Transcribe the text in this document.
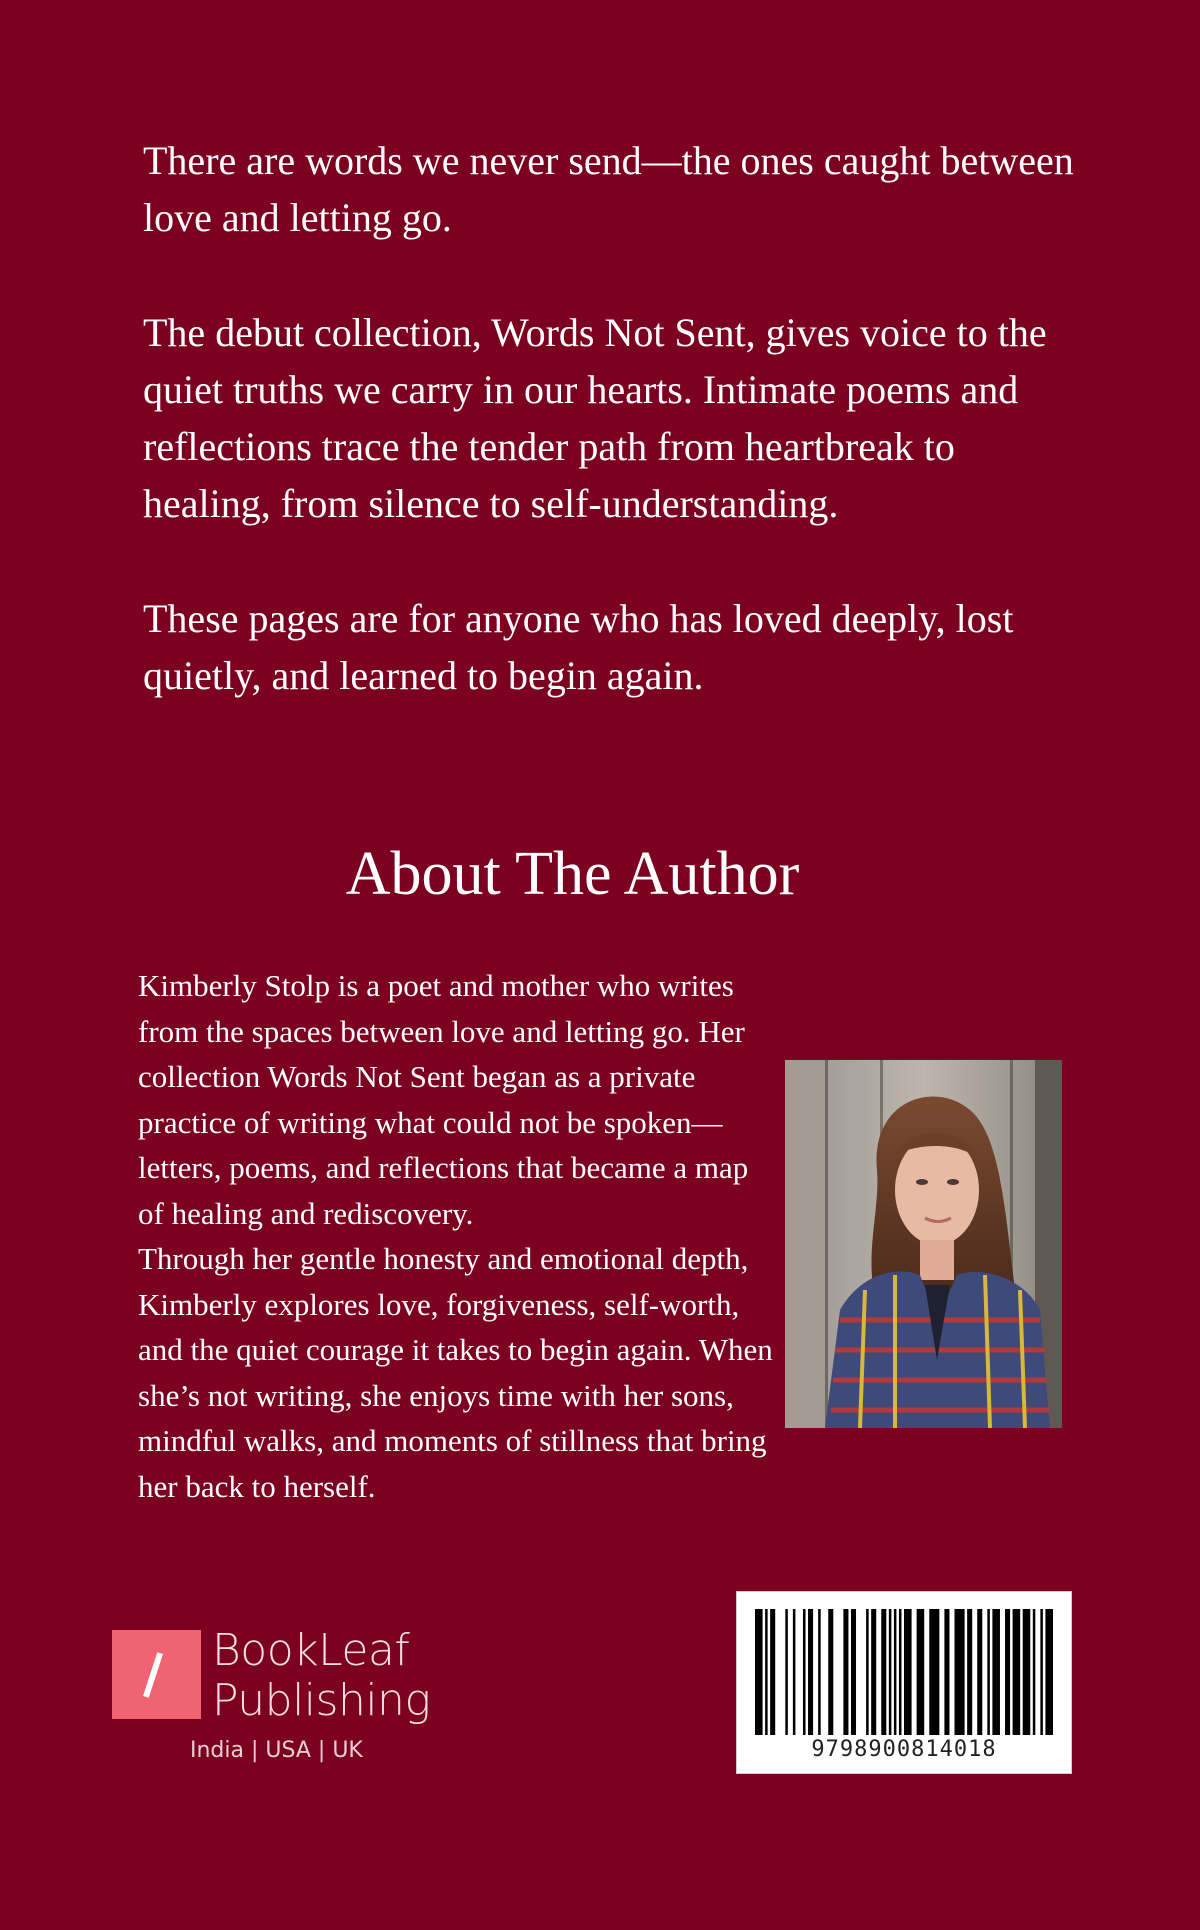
There are words we never send—the ones caught between love and letting go.

The debut collection, Words Not Sent, gives voice to the quiet truths we carry in our hearts. Intimate poems and reflections trace the tender path from heartbreak to healing, from silence to self-understanding.

These pages are for anyone who has loved deeply, lost quietly, and learned to begin again.

About The Author

Kimberly Stolp is a poet and mother who writes from the spaces between love and letting go. Her collection Words Not Sent began as a private practice of writing what could not be spoken—letters, poems, and reflections that became a map of healing and rediscovery.

Through her gentle honesty and emotional depth, Kimberly explores love, forgiveness, self-worth, and the quiet courage it takes to begin again. When she’s not writing, she enjoys time with her sons, mindful walks, and moments of stillness that bring her back to herself.

BookLeaf
Publishing
India | USA | UK	9798900814018
